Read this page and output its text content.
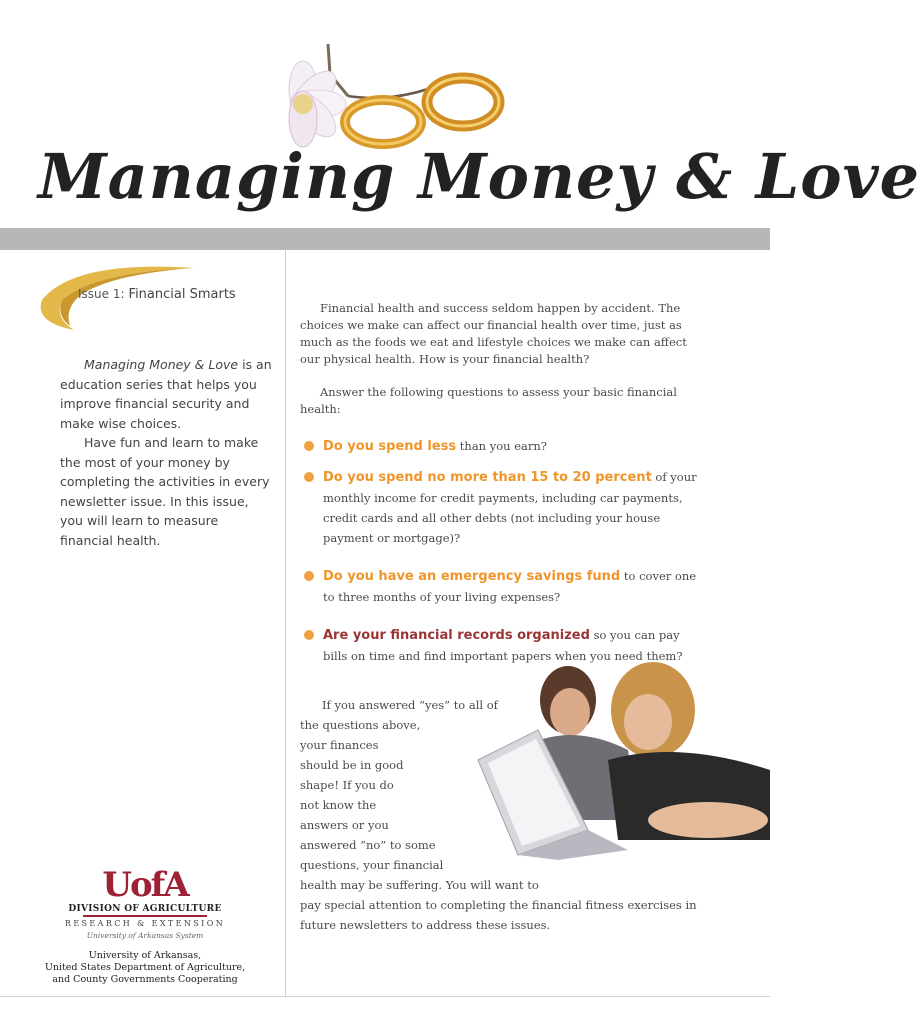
Managing Money & Love
Issue 1: Financial Smarts

Managing Money & Love is an education series that helps you improve financial security and make wise choices.

Have fun and learn to make the most of your money by completing the activities in every newsletter issue. In this issue, you will learn to measure financial health.

Financial health and success seldom happen by accident. The choices we make can affect our financial health over time, just as much as the foods we eat and lifestyle choices we make can affect our physical health. How is your financial health?

Answer the following questions to assess your basic financial health:

Do you spend less than you earn?
Do you spend no more than 15 to 20 percent of your monthly income for credit payments, including car payments, credit cards and all other debts (not including your house payment or mortgage)?
Do you have an emergency savings fund to cover one to three months of your living expenses?
Are your financial records organized so you can pay bills on time and find important papers when you need them?
If you answered “yes” to all of
the questions above,
your finances
should be in good
shape! If you do
not know the
answers or you
answered “no” to some
questions, your financial
health may be suffering. You will want to
pay special attention to completing the financial fitness exercises in
future newsletters to address these issues.
UofA
DIVISION OF AGRICULTURE
RESEARCH & EXTENSION
University of Arkansas System
University of Arkansas,
United States Department of Agriculture,
and County Governments Cooperating
